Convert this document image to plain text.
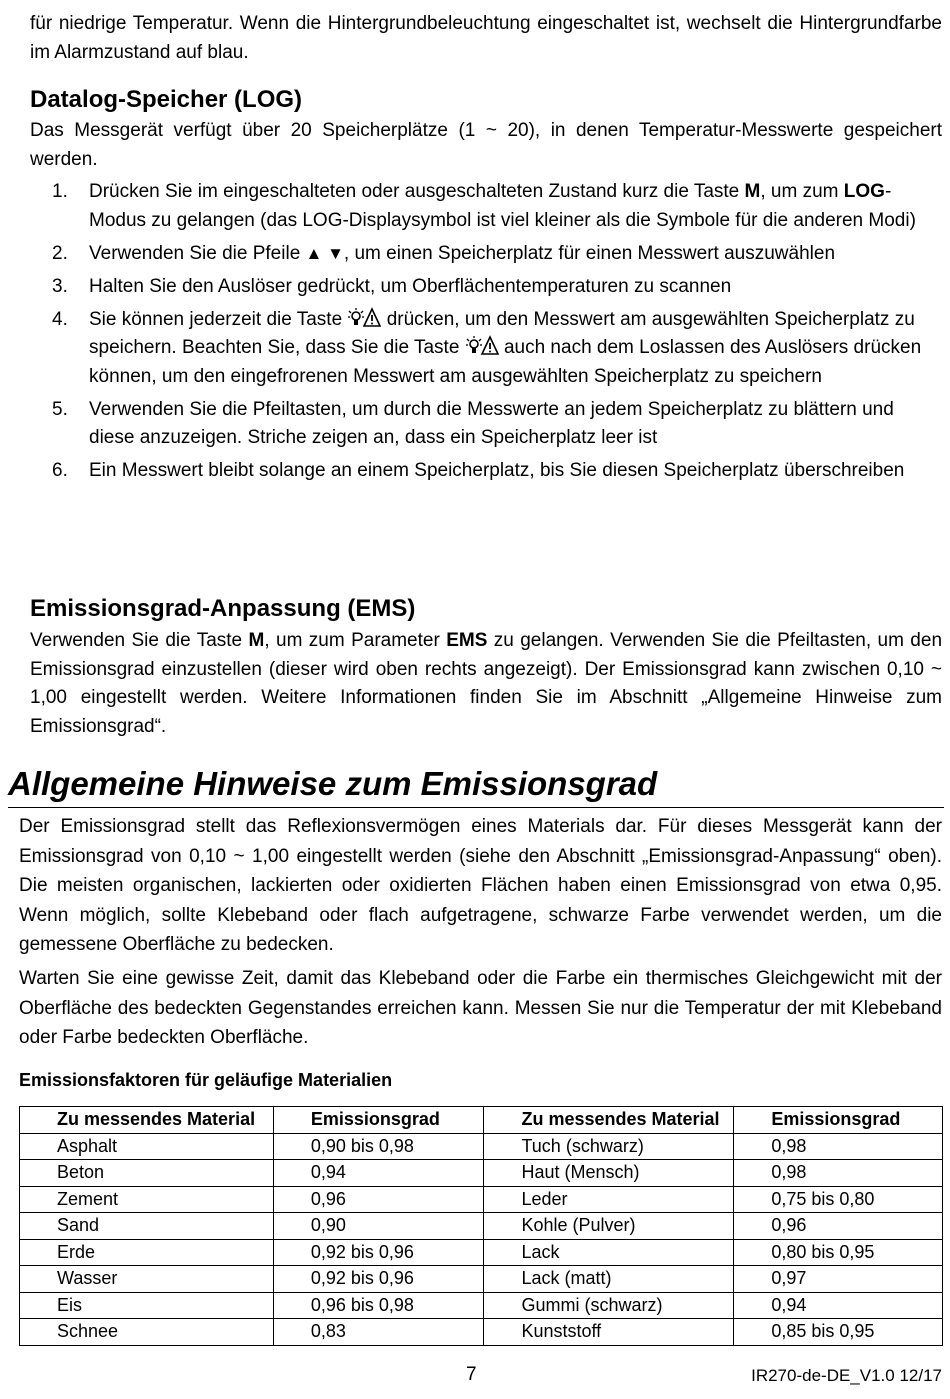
für niedrige Temperatur. Wenn die Hintergrundbeleuchtung eingeschaltet ist, wechselt die Hintergrundfarbe im Alarmzustand auf blau.

Datalog-Speicher (LOG)

Das Messgerät verfügt über 20 Speicherplätze (1 ~ 20), in denen Temperatur-Messwerte gespeichert werden.

1. Drücken Sie im eingeschalteten oder ausgeschalteten Zustand kurz die Taste M, um zum LOG-Modus zu gelangen (das LOG-Displaysymbol ist viel kleiner als die Symbole für die anderen Modi)
2. Verwenden Sie die Pfeile ▲ ▼, um einen Speicherplatz für einen Messwert auszuwählen
3. Halten Sie den Auslöser gedrückt, um Oberflächentemperaturen zu scannen
4. Sie können jederzeit die Taste  drücken, um den Messwert am ausgewählten Speicherplatz zu speichern. Beachten Sie, dass Sie die Taste  auch nach dem Loslassen des Auslösers drücken können, um den eingefrorenen Messwert am ausgewählten Speicherplatz zu speichern
5. Verwenden Sie die Pfeiltasten, um durch die Messwerte an jedem Speicherplatz zu blättern und diese anzuzeigen. Striche zeigen an, dass ein Speicherplatz leer ist
6. Ein Messwert bleibt solange an einem Speicherplatz, bis Sie diesen Speicherplatz überschreiben
Emissionsgrad-Anpassung (EMS)

Verwenden Sie die Taste M, um zum Parameter EMS zu gelangen. Verwenden Sie die Pfeiltasten, um den Emissionsgrad einzustellen (dieser wird oben rechts angezeigt). Der Emissionsgrad kann zwischen 0,10 ~ 1,00 eingestellt werden. Weitere Informationen finden Sie im Abschnitt „Allgemeine Hinweise zum Emissionsgrad“.

Allgemeine Hinweise zum Emissionsgrad

Der Emissionsgrad stellt das Reflexionsvermögen eines Materials dar. Für dieses Messgerät kann der Emissionsgrad von 0,10 ~ 1,00 eingestellt werden (siehe den Abschnitt „Emissionsgrad-Anpassung“ oben). Die meisten organischen, lackierten oder oxidierten Flächen haben einen Emissionsgrad von etwa 0,95. Wenn möglich, sollte Klebeband oder flach aufgetragene, schwarze Farbe verwendet werden, um die gemessene Oberfläche zu bedecken.

Warten Sie eine gewisse Zeit, damit das Klebeband oder die Farbe ein thermisches Gleichgewicht mit der Oberfläche des bedeckten Gegenstandes erreichen kann. Messen Sie nur die Temperatur der mit Klebeband oder Farbe bedeckten Oberfläche.

Emissionsfaktoren für geläufige Materialien

Zu messendes Material	Emissionsgrad	Zu messendes Material	Emissionsgrad
Asphalt	0,90 bis 0,98	Tuch (schwarz)	0,98
Beton	0,94	Haut (Mensch)	0,98
Zement	0,96	Leder	0,75 bis 0,80
Sand	0,90	Kohle (Pulver)	0,96
Erde	0,92 bis 0,96	Lack	0,80 bis 0,95
Wasser	0,92 bis 0,96	Lack (matt)	0,97
Eis	0,96 bis 0,98	Gummi (schwarz)	0,94
Schnee	0,83	Kunststoff	0,85 bis 0,95

7	IR270-de-DE_V1.0 12/17
